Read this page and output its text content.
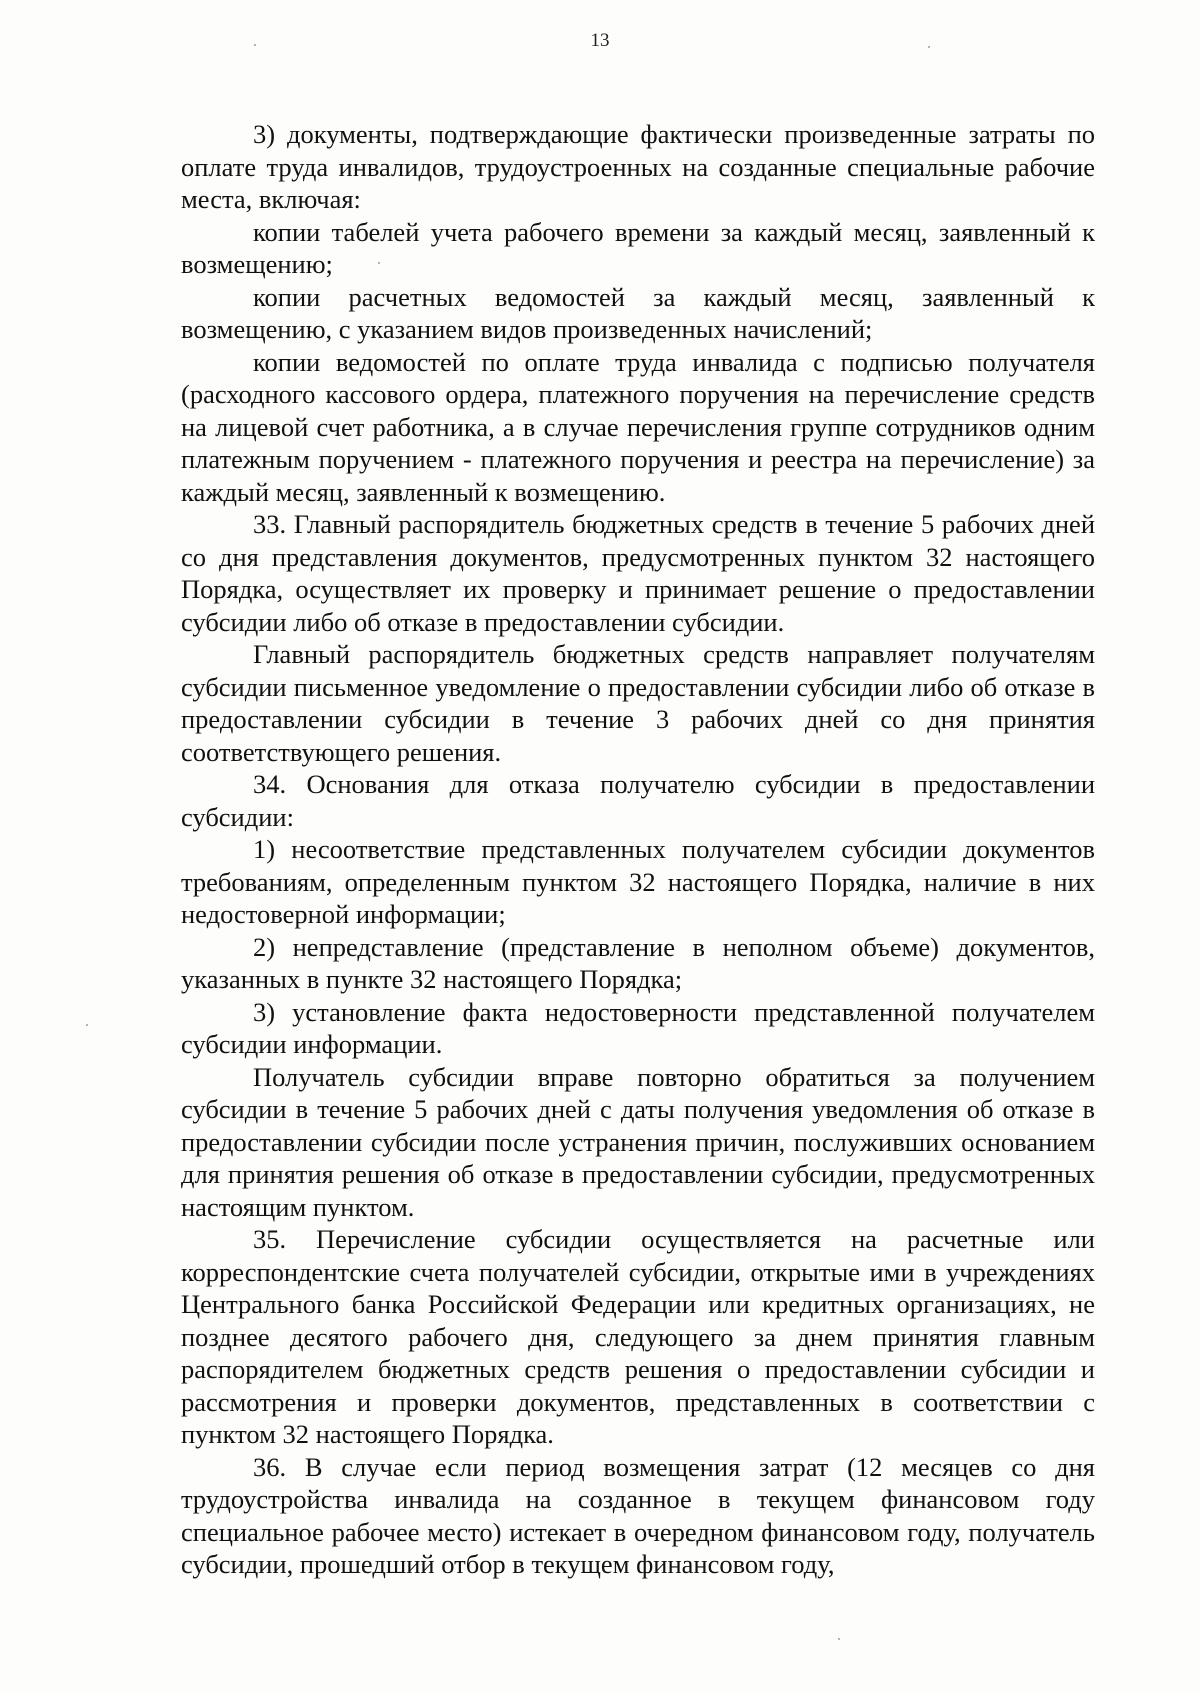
13

3) документы, подтверждающие фактически произведенные затраты по оплате труда инвалидов, трудоустроенных на созданные специальные рабочие места, включая:

копии табелей учета рабочего времени за каждый месяц, заявленный к возмещению;

копии расчетных ведомостей за каждый месяц, заявленный к возмещению, с указанием видов произведенных начислений;

копии ведомостей по оплате труда инвалида с подписью получателя (расходного кассового ордера, платежного поручения на перечисление средств на лицевой счет работника, а в случае перечисления группе сотрудников одним платежным поручением - платежного поручения и реестра на перечисление) за каждый месяц, заявленный к возмещению.

33. Главный распорядитель бюджетных средств в течение 5 рабочих дней со дня представления документов, предусмотренных пунктом 32 настоящего Порядка, осуществляет их проверку и принимает решение о предоставлении субсидии либо об отказе в предоставлении субсидии.

Главный распорядитель бюджетных средств направляет получателям субсидии письменное уведомление о предоставлении субсидии либо об отказе в предоставлении субсидии в течение 3 рабочих дней со дня принятия соответствующего решения.

34. Основания для отказа получателю субсидии в предоставлении субсидии:

1) несоответствие представленных получателем субсидии документов требованиям, определенным пунктом 32 настоящего Порядка, наличие в них недостоверной информации;

2) непредставление (представление в неполном объеме) документов, указанных в пункте 32 настоящего Порядка;

3) установление факта недостоверности представленной получателем субсидии информации.

Получатель субсидии вправе повторно обратиться за получением субсидии в течение 5 рабочих дней с даты получения уведомления об отказе в предоставлении субсидии после устранения причин, послуживших основанием для принятия решения об отказе в предоставлении субсидии, предусмотренных настоящим пунктом.

35. Перечисление субсидии осуществляется на расчетные или корреспондентские счета получателей субсидии, открытые ими в учреждениях Центрального банка Российской Федерации или кредитных организациях, не позднее десятого рабочего дня, следующего за днем принятия главным распорядителем бюджетных средств решения о предоставлении субсидии и рассмотрения и проверки документов, представленных в соответствии с пунктом 32 настоящего Порядка.

36. В случае если период возмещения затрат (12 месяцев со дня трудоустройства инвалида на созданное в текущем финансовом году специальное рабочее место) истекает в очередном финансовом году, получатель субсидии, прошедший отбор в текущем финансовом году,
